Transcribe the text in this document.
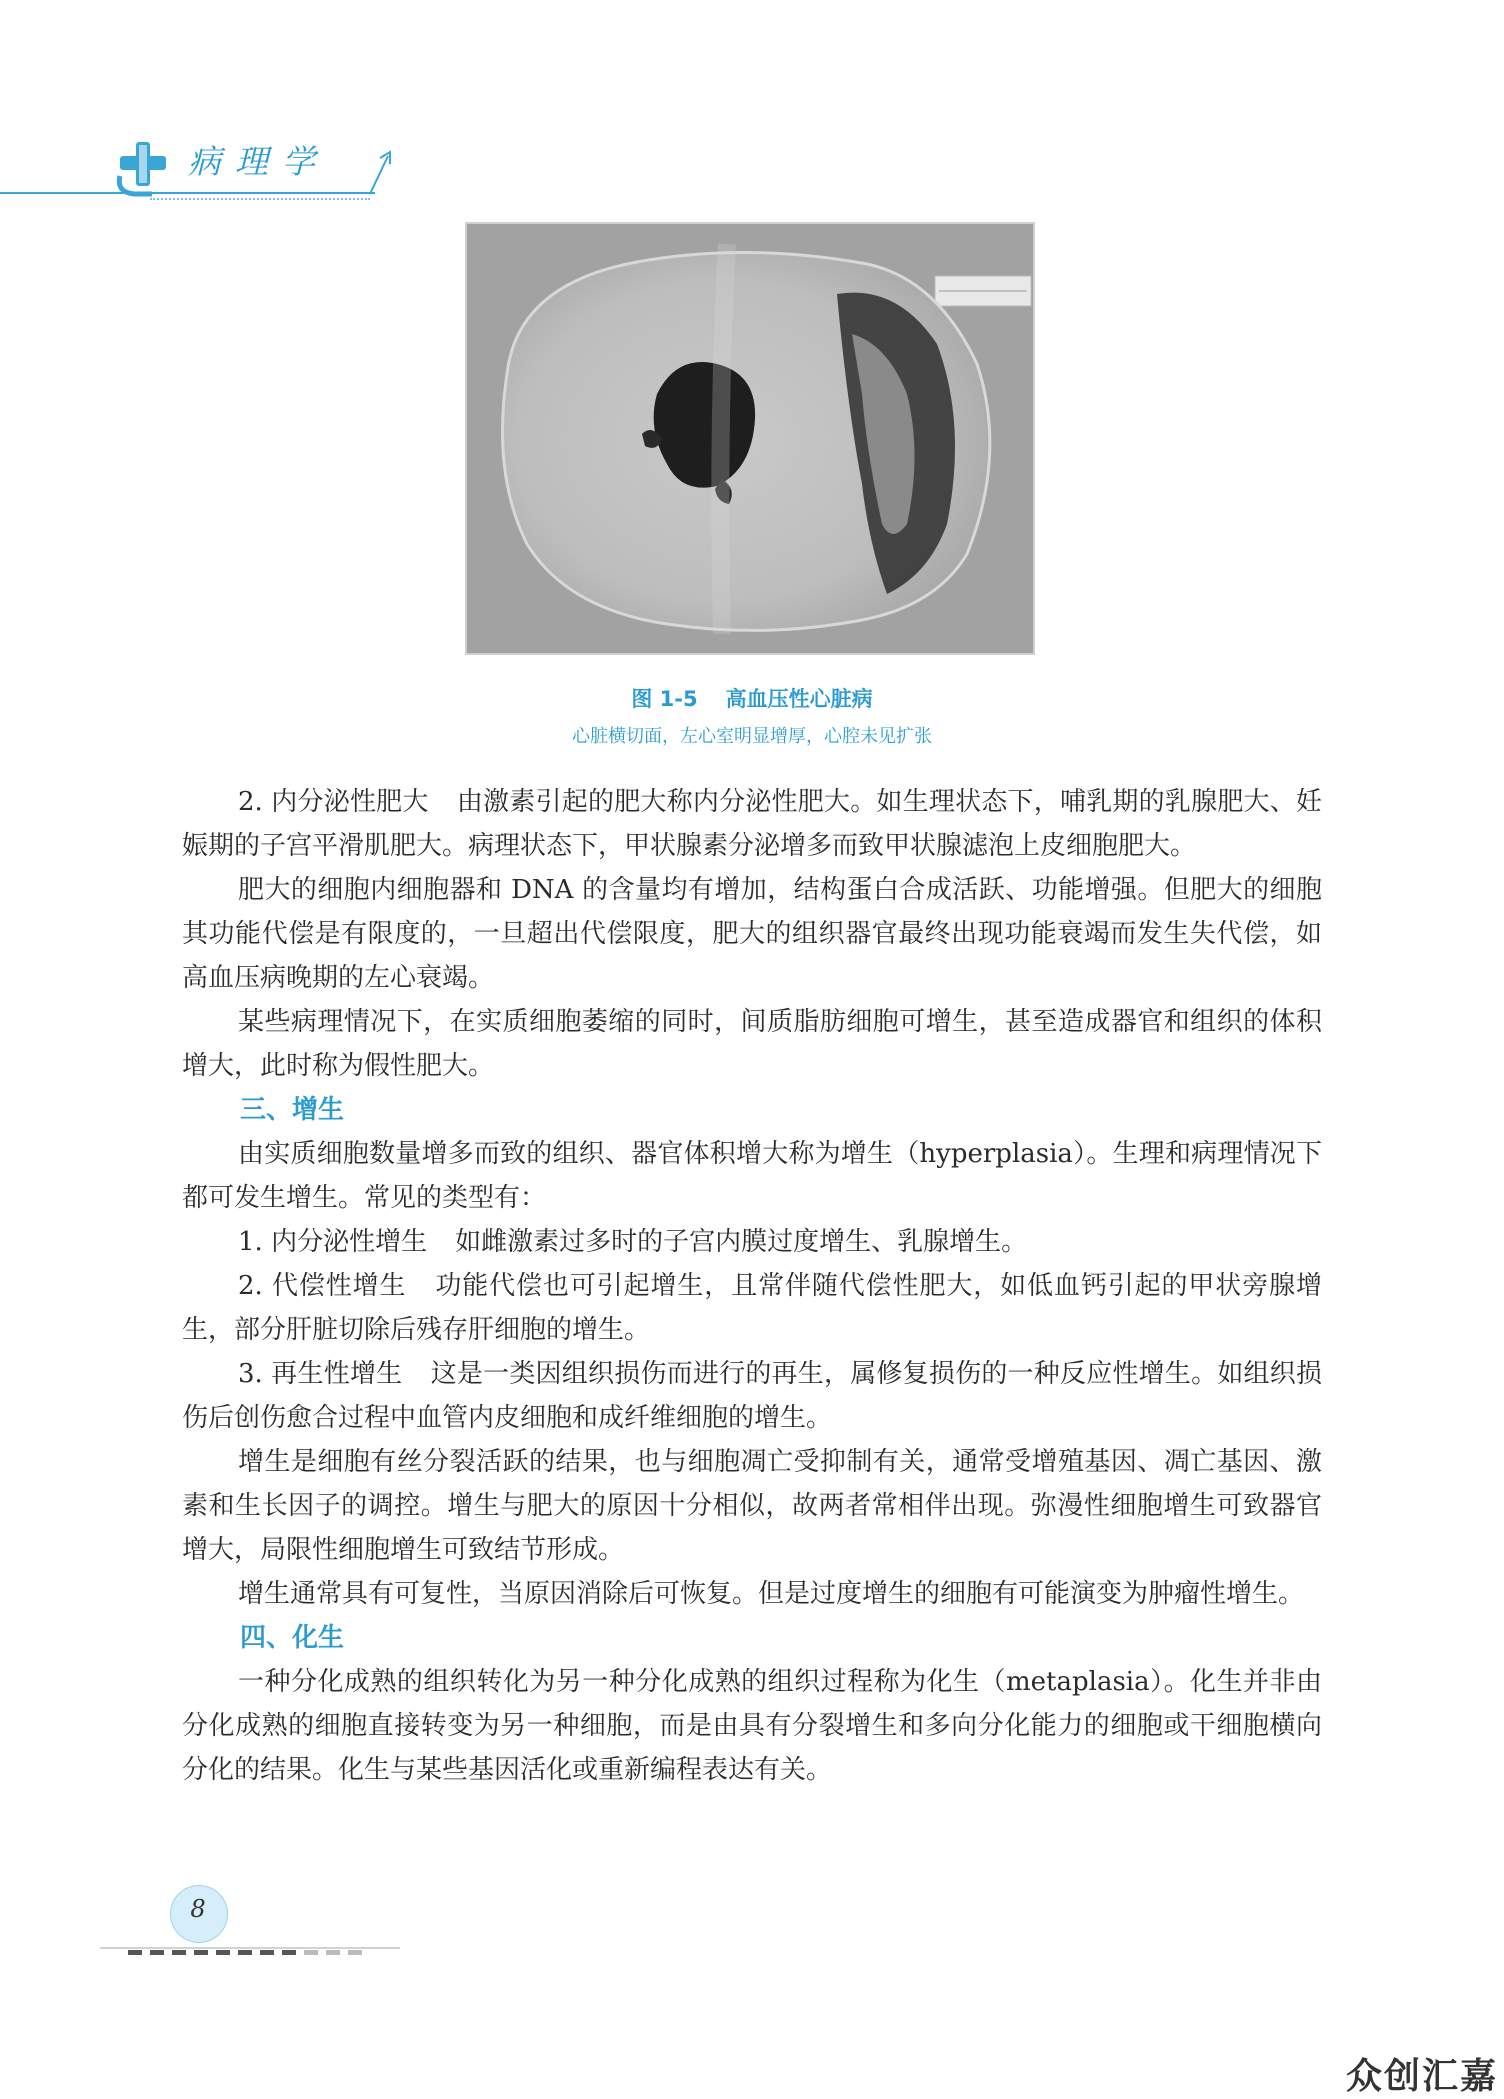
病理学
图 1-5 高血压性心脏病
心脏横切面，左心室明显增厚，心腔未见扩张

2. 内分泌性肥大 由激素引起的肥大称内分泌性肥大。如生理状态下，哺乳期的乳腺肥大、妊娠期的子宫平滑肌肥大。病理状态下，甲状腺素分泌增多而致甲状腺滤泡上皮细胞肥大。

肥大的细胞内细胞器和 DNA 的含量均有增加，结构蛋白合成活跃、功能增强。但肥大的细胞其功能代偿是有限度的，一旦超出代偿限度，肥大的组织器官最终出现功能衰竭而发生失代偿，如高血压病晚期的左心衰竭。

某些病理情况下，在实质细胞萎缩的同时，间质脂肪细胞可增生，甚至造成器官和组织的体积增大，此时称为假性肥大。

三、增生

由实质细胞数量增多而致的组织、器官体积增大称为增生（hyperplasia）。生理和病理情况下都可发生增生。常见的类型有：

1. 内分泌性增生 如雌激素过多时的子宫内膜过度增生、乳腺增生。

2. 代偿性增生 功能代偿也可引起增生，且常伴随代偿性肥大，如低血钙引起的甲状旁腺增生，部分肝脏切除后残存肝细胞的增生。

3. 再生性增生 这是一类因组织损伤而进行的再生，属修复损伤的一种反应性增生。如组织损伤后创伤愈合过程中血管内皮细胞和成纤维细胞的增生。

增生是细胞有丝分裂活跃的结果，也与细胞凋亡受抑制有关，通常受增殖基因、凋亡基因、激素和生长因子的调控。增生与肥大的原因十分相似，故两者常相伴出现。弥漫性细胞增生可致器官增大，局限性细胞增生可致结节形成。

增生通常具有可复性，当原因消除后可恢复。但是过度增生的细胞有可能演变为肿瘤性增生。

四、化生

一种分化成熟的组织转化为另一种分化成熟的组织过程称为化生（metaplasia）。化生并非由分化成熟的细胞直接转变为另一种细胞，而是由具有分裂增生和多向分化能力的细胞或干细胞横向分化的结果。化生与某些基因活化或重新编程表达有关。

8
众创汇嘉
